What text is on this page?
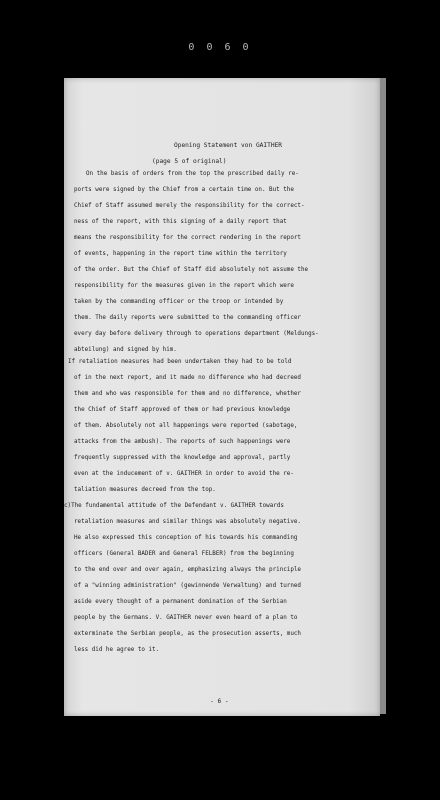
0 0 6 0
Opening Statement von GAITHER
(page 5 of original)
On the basis of orders from the top the prescribed daily re-
ports were signed by the Chief from a certain time on. But the
Chief of Staff assumed merely the responsibility for the correct-
ness of the report, with this signing of a daily report that
means the responsibility for the correct rendering in the report
of events, happening in the report time within the territory
of the order. But the Chief of Staff did absolutely not assume the
responsibility for the measures given in the report which were
taken by the commanding officer or the troop or intended by
them. The daily reports were submitted to the commanding officer
every day before delivery through to operations department (Meldungs-
abteilung) and signed by him.
If retaliation measures had been undertaken they had to be told
of in the next report, and it made no difference who had decreed
them and who was responsible for them and no difference, whether
the Chief of Staff approved of them or had previous knowledge
of them. Absolutely not all happenings were reported (sabotage,
attacks from the ambush). The reports of such happenings were
frequently suppressed with the knowledge and approval, partly
even at the inducement of v. GAITHER in order to avoid the re-
taliation measures decreed from the top.
c)The fundamental attitude of the Defendant v. GAITHER towards
retaliation measures and similar things was absolutely negative.
He also expressed this conception of his towards his commanding
officers (General BADER and General FELBER) from the beginning
to the end over and over again, emphasizing always the principle
of a "winning administration" (gewinnende Verwaltung) and turned
aside every thought of a permanent domination of the Serbian
people by the Germans. V. GAITHER never even heard of a plan to
exterminate the Serbian people, as the prosecution asserts, much
less did he agree to it.
- 6 -
